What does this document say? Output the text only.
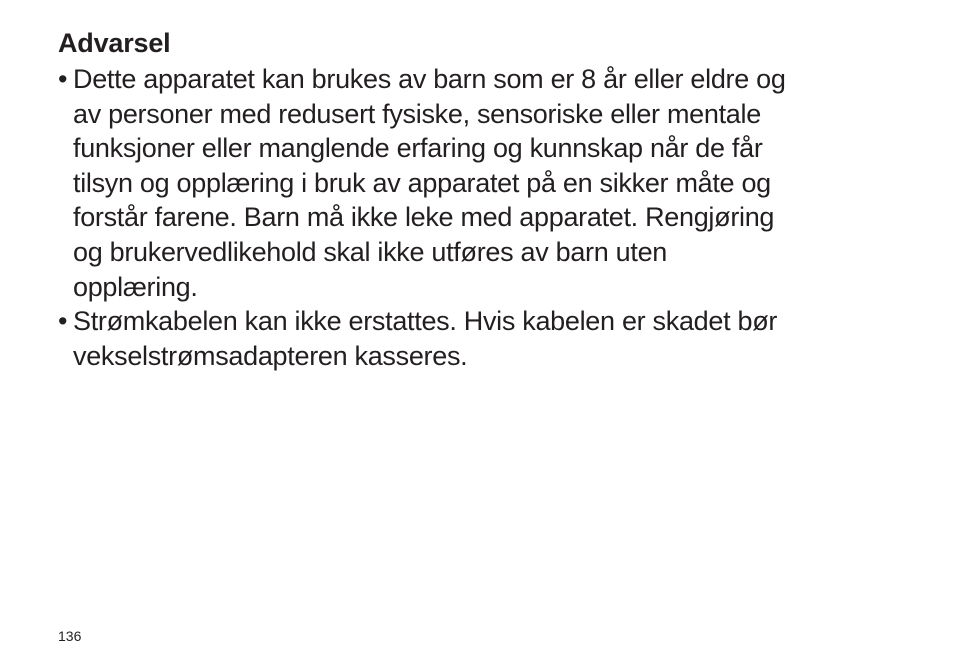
Advarsel
• Dette apparatet kan brukes av barn som er 8 år eller eldre og
av personer med redusert fysiske, sensoriske eller mentale
funksjoner eller manglende erfaring og kunnskap når de får
tilsyn og opplæring i bruk av apparatet på en sikker måte og
forstår farene. Barn må ikke leke med apparatet. Rengjøring
og brukervedlikehold skal ikke utføres av barn uten
opplæring.
• Strømkabelen kan ikke erstattes. Hvis kabelen er skadet bør
vekselstrømsadapteren kasseres.
136
